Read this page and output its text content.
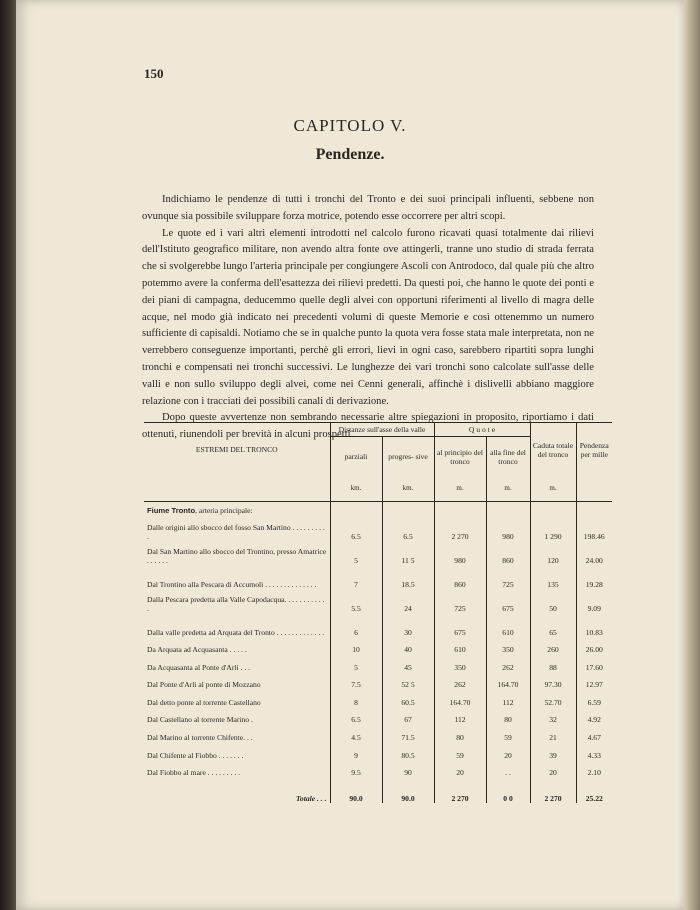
150
CAPITOLO V.
Pendenze.

Indichiamo le pendenze di tutti i tronchi del Tronto e dei suoi principali influenti, sebbene non ovunque sia possibile sviluppare forza motrice, potendo esse occorrere per altri scopi.

Le quote ed i vari altri elementi introdotti nel calcolo furono ricavati quasi totalmente dai rilievi dell'Istituto geografico militare, non avendo altra fonte ove attingerli, tranne uno studio di strada ferrata che si svolgerebbe lungo l'arteria principale per congiungere Ascoli con Antrodoco, dal quale più che altro potemmo avere la conferma dell'esattezza dei rilievi predetti. Da questi poi, che hanno le quote dei ponti e dei piani di campagna, deducemmo quelle degli alvei con opportuni riferimenti al livello di magra delle acque, nel modo già indicato nei precedenti volumi di queste Memorie e così ottenemmo un numero sufficiente di capisaldi. Notiamo che se in qualche punto la quota vera fosse stata male interpretata, non ne verrebbero conseguenze importanti, perchè gli errori, lievi in ogni caso, sarebbero ripartiti sopra lunghi tronchi e compensati nei tronchi successivi. Le lunghezze dei vari tronchi sono calcolate sull'asse delle valli e non sullo sviluppo degli alvei, come nei Cenni generali, affinchè i dislivelli abbiano maggiore relazione con i tracciati dei possibili canali di derivazione.

Dopo queste avvertenze non sembrando necessarie altre spiegazioni in proposito, riportiamo i dati ottenuti, riunendoli per brevità in alcuni prospetti.

ESTREMI DEL TRONCO	Distanze sull'asse della valle		Q u o t e		Caduta totale del tronco	Pendenza per mille
	parziali	progres- sive	al principio del tronco	alla fine del tronco		
	km.	km.	m.	m.	m.	
Fiume Tronto, arteria principale:						
Dalle origini allo sbocco del fosso San Martino . . . . . . . . . .	6.5	6.5	2 270	980	1 290	198.46
Dal San Martino allo sbocco del Trontino, presso Amatrice . . . . . .	5	11 5	980	860	120	24.00
Dal Trontino alla Pescara di Accumoli . . . . . . . . . . . . . .	7	18.5	860	725	135	19.28
Dalla Pescara predetta alla Valle Capodacqua. . . . . . . . . . . .	5.5	24	725	675	50	9.09
Dalla valle predetta ad Arquata del Tronto . . . . . . . . . . . . .	6	30	675	610	65	10.83
Da Arquata ad Acquasanta . . . . .	10	40	610	350	260	26.00
Da Acquasanta al Ponte d'Arli . . .	5	45	350	262	88	17.60
Dal Ponte d'Arli al ponte di Mozzano	7.5	52 5	262	164.70	97.30	12.97
Dal detto ponte al torrente Castellano	8	60.5	164.70	112	52.70	6.59
Dal Castellano al torrente Marino .	6.5	67	112	80	32	4.92
Dal Marino al torrente Chifente. . .	4.5	71.5	80	59	21	4.67
Dal Chifente al Fiobbo . . . . . . .	9	80.5	59	20	39	4.33
Dal Fiobbo al mare . . . . . . . . .	9.5	90	20	. .	20	2.10
Totale . . .	90.0	90.0	2 270	0 0	2 270	25.22
